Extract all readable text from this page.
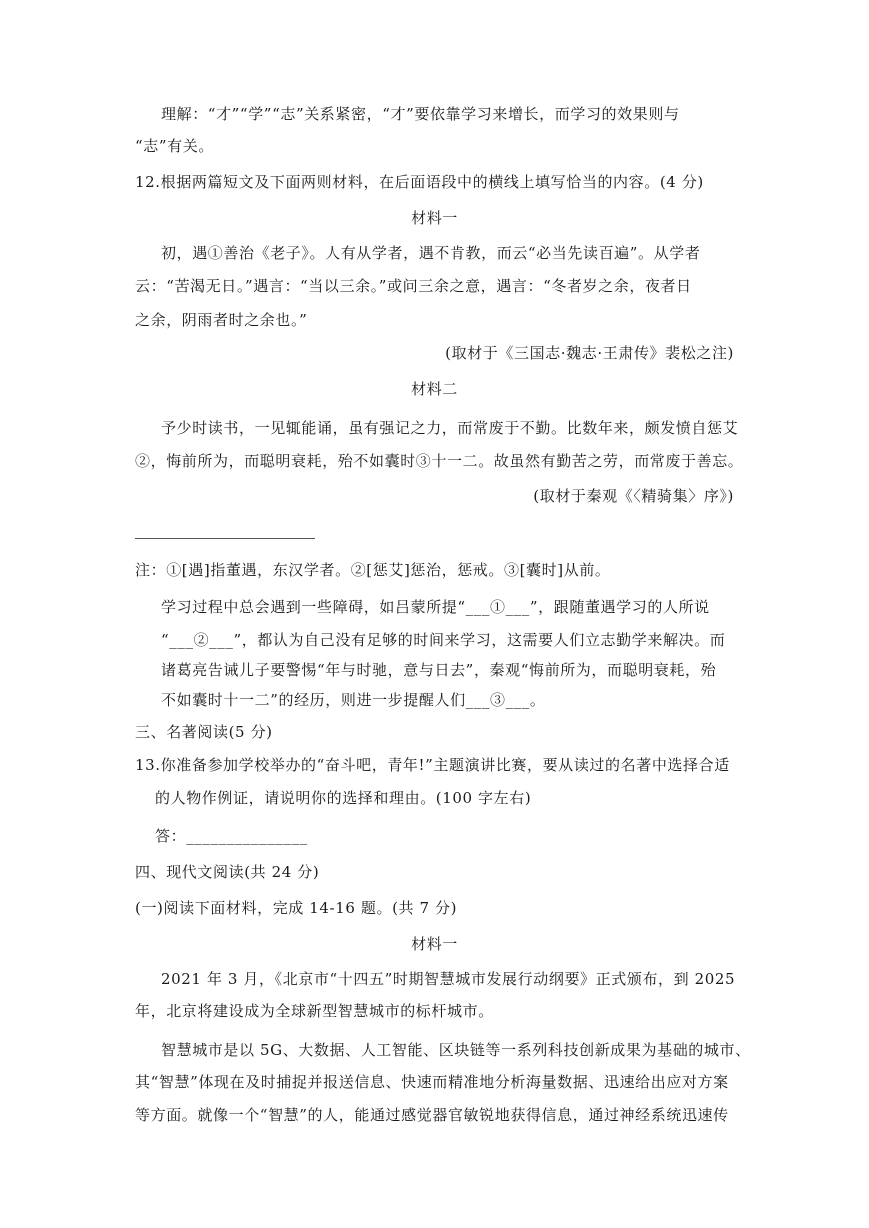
理解：“才”“学”“志”关系紧密，“才”要依靠学习来增长，而学习的效果则与
“志”有关。
12.根据两篇短文及下面两则材料，在后面语段中的横线上填写恰当的内容。(4 分)
材料一
初，遇①善治《老子》。人有从学者，遇不肯教，而云“必当先读百遍”。从学者
云：“苦渴无日。”遇言：“当以三余。”或问三余之意，遇言：“冬者岁之余，夜者日
之余，阴雨者时之余也。”
(取材于《三国志·魏志·王肃传》裴松之注)
材料二
予少时读书，一见辄能诵，虽有强记之力，而常废于不勤。比数年来，颇发愤自惩艾
②，悔前所为，而聪明衰耗，殆不如囊时③十一二。故虽然有勤苦之劳，而常废于善忘。
(取材于秦观《〈精骑集〉序》)
注：①[遇]指董遇，东汉学者。②[惩艾]惩治，惩戒。③[囊时]从前。
学习过程中总会遇到一些障碍，如吕蒙所提“___①___”，跟随董遇学习的人所说
“___②___”，都认为自己没有足够的时间来学习，这需要人们立志勤学来解决。而
诸葛亮告诫儿子要警惕“年与时驰，意与日去”，秦观“悔前所为，而聪明衰耗，殆
不如囊时十一二”的经历，则进一步提醒人们___③___。
三、名著阅读(5 分)
13.你准备参加学校举办的“奋斗吧，青年!”主题演讲比赛，要从读过的名著中选择合适
的人物作例证，请说明你的选择和理由。(100 字左右)
答：_______________
四、现代文阅读(共 24 分)
(一)阅读下面材料，完成 14-16 题。(共 7 分)
材料一
2021 年 3 月，《北京市“十四五”时期智慧城市发展行动纲要》正式颁布，到 2025
年，北京将建设成为全球新型智慧城市的标杆城市。
智慧城市是以 5G、大数据、人工智能、区块链等一系列科技创新成果为基础的城市、
其“智慧”体现在及时捕捉并报送信息、快速而精准地分析海量数据、迅速给出应对方案
等方面。就像一个“智慧”的人，能通过感觉器官敏锐地获得信息，通过神经系统迅速传
